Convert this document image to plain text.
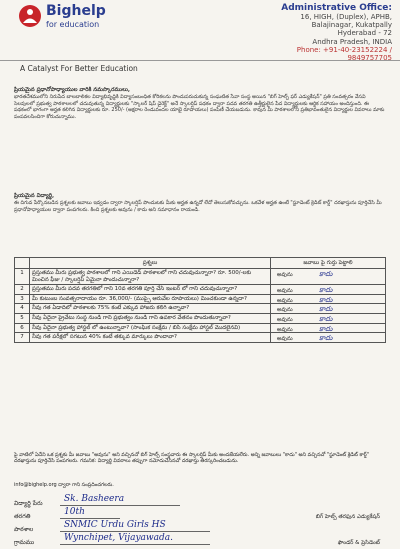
Bighelp
for education
Administrative Office:
16, HIGH, (Duplex), APHB,
Balajinagar, Kukatpally
Hyderabad - 72
Andhra Pradesh, INDIA
Phone: +91-40-23152224 / 9849757705
A Catalyst For Better Education
ప్రియమైన ప్రధానోపాధ్యాయుల వారికి నమస్కారములు,
భారతదేశములోని నిరుపేద బాలబాలికల విద్యాభివృద్ధికి విద్యాసంబంధిత కోరికలను పొందుపరుచుకున్న సంఘటిత సేవా సంస్థ అయిన "బిగ్ హెల్ప్ ఫర్ ఎడ్యుకేషన్" ప్రతి సంవత్సరం వేసవి సెలవులలో ప్రభుత్వ పాఠశాలలలో చదువుతున్న విద్యార్థులకు "స్కాలర్ షిప్ డైరెక్ట్" అనే స్కాలర్షిప్ పథకం ద్వారా పదవ తరగతి ఉత్తీర్ణులైన పేద విద్యార్థులకు ఆర్థిక సహాయం అందిస్తుంది. ఈ పథకంలో భాగంగా అర్హత కలిగిన విద్యార్థులకు రూ. 250/- (అక్షరాల రెండువందల యాభై రూపాయలు) పంపిణీ చేయబడును. కావున మీ పాఠశాలలోని ప్రతిభావంతులైన విద్యార్థుల వివరాలు మాకు పంపవలసిందిగా కోరుచున్నాము.
ప్రియమైన విద్యార్థి,
ఈ దిగువ పేర్కొనబడిన ప్రశ్నలకు జవాబు ఇవ్వడం ద్వారా స్కాలర్షిప్ పొందుటకు మీకు అర్హత ఉన్నదో లేదో తెలుసుకోవచ్చును. ఒకవేళ అర్హత ఉంటే "స్టూడెంట్ క్రెడిట్ కార్డ్" దరఖాస్తును పూర్తిచేసి మీ ప్రధానోపాధ్యాయుల ద్వారా పంపగలరు. కింది ప్రశ్నలకు అవును / కాదు అని సమాధానం రాయండి.
	ప్రశ్నలు	జవాబు పై గుర్తు పెట్టాలి
1	ప్రస్తుతము మీరు ప్రభుత్వ పాఠశాలలో గాని ఎయిడెడ్ పాఠశాలలో గాని చదువుచున్నారా? రూ. 500/-లకు మించిన ఫీజు / స్కాలర్షిప్ ఏమైనా పొందుచున్నారా?	అవును కాదు

2	ప్రస్తుతము మీరు పదవ తరగతిలో గాని 10వ తరగతి పూర్తి చేసి ఇంటర్ లో గాని చదువుచున్నారా?	అవును కాదు

3	మీ కుటుంబ సంవత్సరాదాయం రూ. 36,000/- (ముప్పై ఆరువేల రూపాయలు) మించకుండా ఉన్నదా?	అవును కాదు

4	నీవు గత ఏడాదిలో పాఠశాలకు 75% కంటే ఎక్కువ హాజరు కలిగి ఉన్నావా?	అవును కాదు

5	నీవు ఏదైనా ప్రైవేటు సంస్థ నుండి గాని ప్రభుత్వం నుండి గాని ఉపకార వేతనం పొందుతున్నావా?	అవును కాదు

6	నీవు ఏదైనా ప్రభుత్వ హాస్టల్ లో ఉంటున్నావా? (సాంఘిక సంక్షేమ / బిసి సంక్షేమ హాస్టల్ మొదలైనవి)	అవును కాదు

7	నీవు గత పరీక్షలో సగటున 40% కంటే తక్కువ మార్కులు పొందావా?	అవును కాదు
పై వాటిలో ఏదేని ఒక ప్రశ్నకు మీ జవాబు "అవును" అని వచ్చినచో బిగ్ హెల్ప్ సంస్థవారు ఈ స్కాలర్షిప్ మీకు అందజేయలేరు. అన్ని జవాబులు "కాదు" అని వచ్చినచో "స్టూడెంట్ క్రెడిట్ కార్డ్" దరఖాస్తును పూర్తిచేసి పంపగలరు. గమనిక: విద్యార్థి వివరాలు తప్పుగా నమోదుచేసినచో దరఖాస్తు తిరస్కరించబడును.
info@bighelp.org ద్వారా గాని సంప్రదించగలరు.
విద్యార్థి పేరు Sk. Basheera
తరగతి	10th	బిగ్ హెల్ప్ తరఫున ఎడ్యుకేషన్
పాఠశాల	SNMIC Urdu Girls HS
గ్రామము	Wynchipet, Vijayawada.	ఫౌండర్ & ప్రెసిడెంట్
